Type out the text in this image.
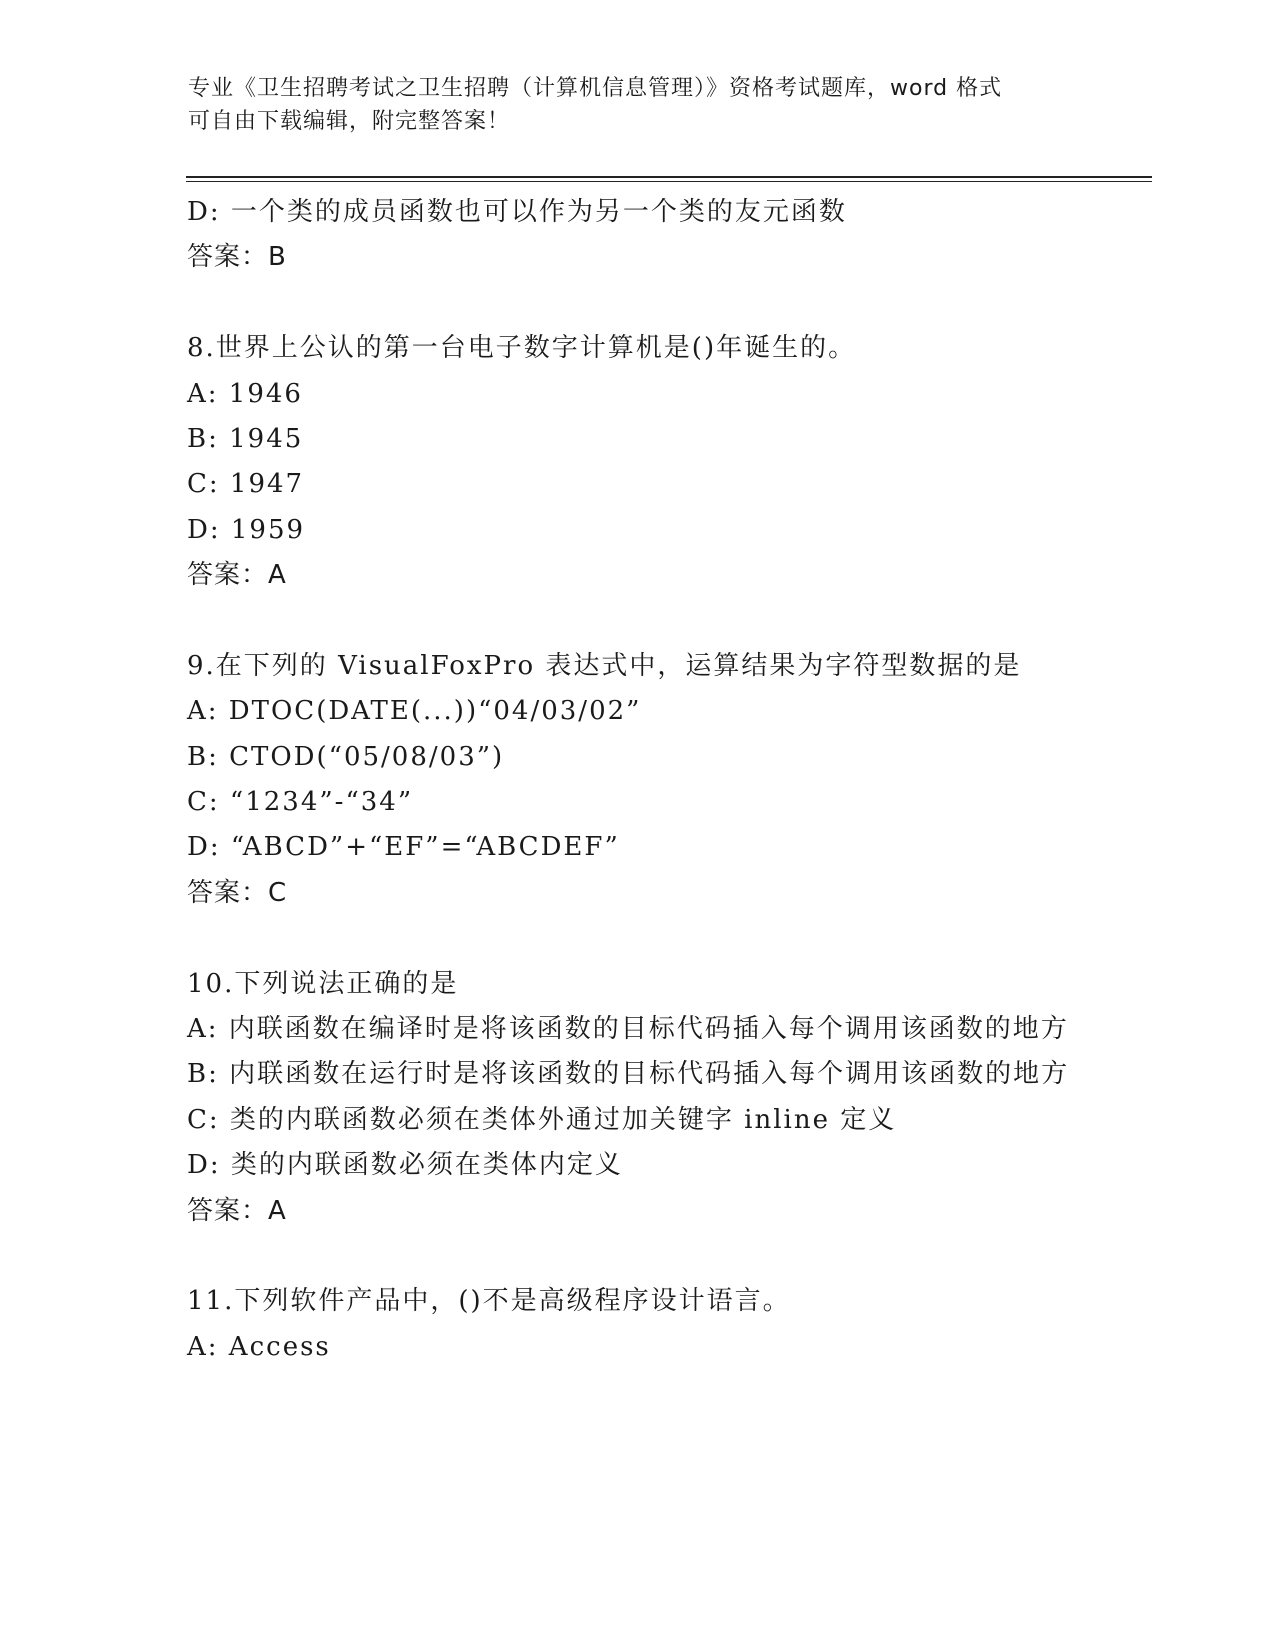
专业《卫生招聘考试之卫生招聘（计算机信息管理）》资格考试题库，word 格式
可自由下载编辑，附完整答案！
D: 一个类的成员函数也可以作为另一个类的友元函数
答案：B
8.世界上公认的第一台电子数字计算机是()年诞生的。
A: 1946
B: 1945
C: 1947
D: 1959
答案：A
9.在下列的 VisualFoxPro 表达式中，运算结果为字符型数据的是
A: DTOC(DATE(...))“04/03/02”
B: CTOD(“05/08/03”)
C: “1234”-“34”
D: “ABCD”+“EF”=“ABCDEF”
答案：C
10.下列说法正确的是
A: 内联函数在编译时是将该函数的目标代码插入每个调用该函数的地方
B: 内联函数在运行时是将该函数的目标代码插入每个调用该函数的地方
C: 类的内联函数必须在类体外通过加关键字 inline 定义
D: 类的内联函数必须在类体内定义
答案：A
11.下列软件产品中，()不是高级程序设计语言。
A: Access
